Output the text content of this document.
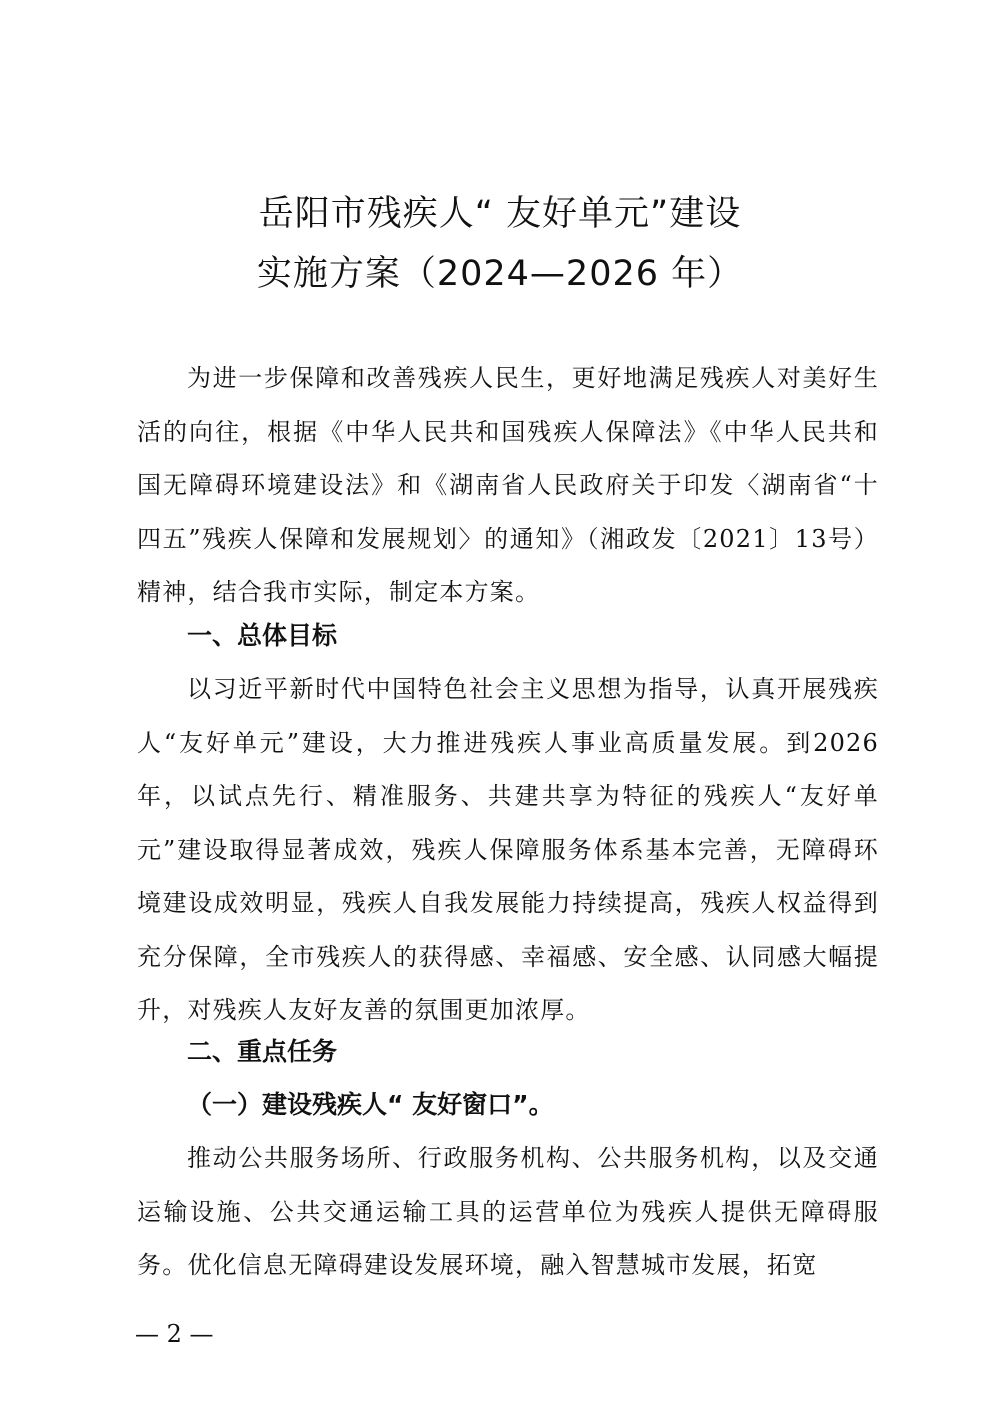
岳阳市残疾人“ 友好单元”建设
实施方案（2024—2026 年）

为进一步保障和改善残疾人民生，更好地满足残疾人对美好生活的向往，根据《中华人民共和国残疾人保障法》《中华人民共和国无障碍环境建设法》和《湖南省人民政府关于印发〈湖南省“十四五”残疾人保障和发展规划〉的通知》（湘政发〔2021〕13号）精神，结合我市实际，制定本方案。

一、总体目标

以习近平新时代中国特色社会主义思想为指导，认真开展残疾人“友好单元”建设，大力推进残疾人事业高质量发展。到2026年，以试点先行、精准服务、共建共享为特征的残疾人“友好单元”建设取得显著成效，残疾人保障服务体系基本完善，无障碍环境建设成效明显，残疾人自我发展能力持续提高，残疾人权益得到充分保障，全市残疾人的获得感、幸福感、安全感、认同感大幅提升，对残疾人友好友善的氛围更加浓厚。

二、重点任务
（一）建设残疾人“ 友好窗口”。

推动公共服务场所、行政服务机构、公共服务机构，以及交通运输设施、公共交通运输工具的运营单位为残疾人提供无障碍服务。优化信息无障碍建设发展环境，融入智慧城市发展，拓宽

— 2 —
